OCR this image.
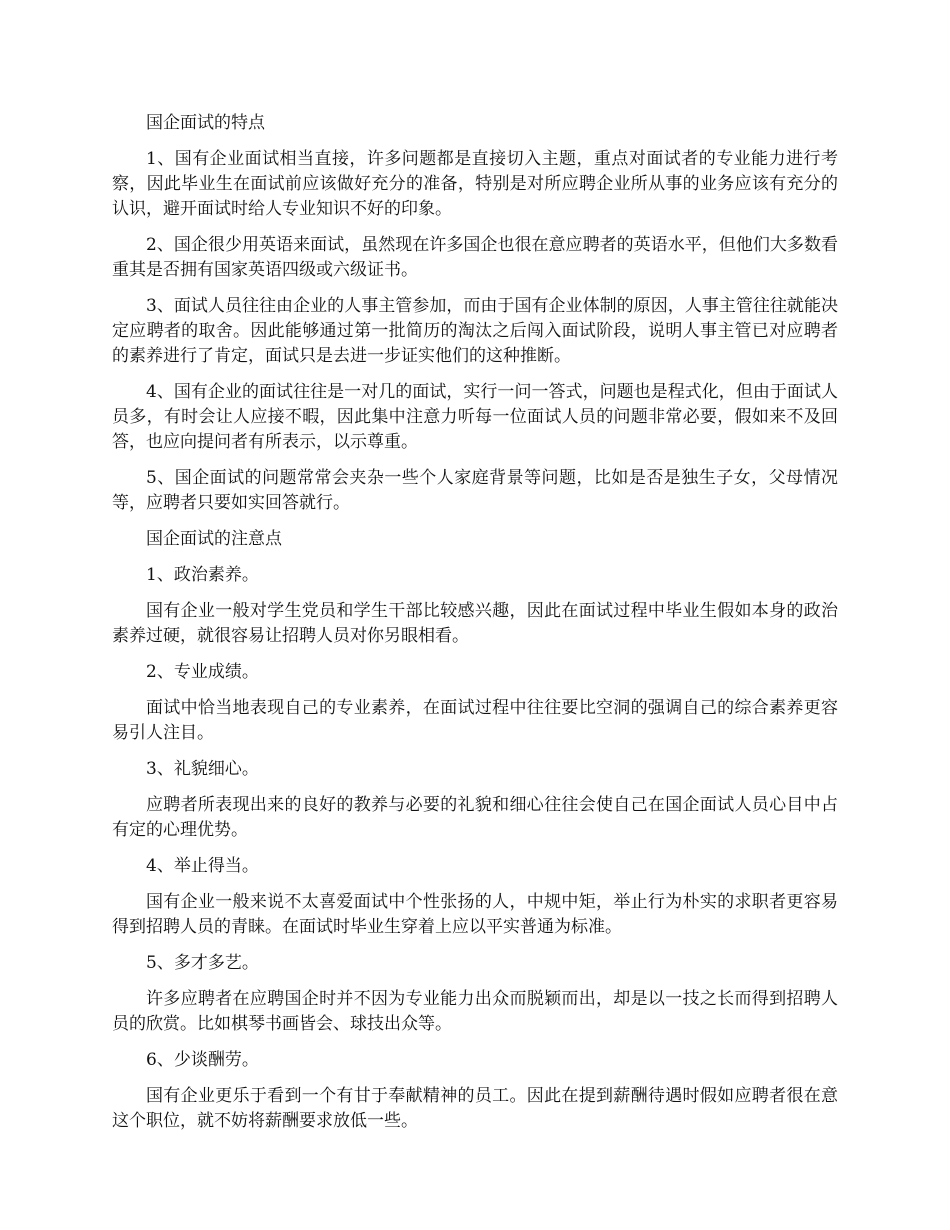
国企面试的特点

1、国有企业面试相当直接，许多问题都是直接切入主题，重点对面试者的专业能力进行考察，因此毕业生在面试前应该做好充分的准备，特别是对所应聘企业所从事的业务应该有充分的认识，避开面试时给人专业知识不好的印象。

2、国企很少用英语来面试，虽然现在许多国企也很在意应聘者的英语水平，但他们大多数看重其是否拥有国家英语四级或六级证书。

3、面试人员往往由企业的人事主管参加，而由于国有企业体制的原因，人事主管往往就能决定应聘者的取舍。因此能够通过第一批简历的淘汰之后闯入面试阶段，说明人事主管已对应聘者的素养进行了肯定，面试只是去进一步证实他们的这种推断。

4、国有企业的面试往往是一对几的面试，实行一问一答式，问题也是程式化，但由于面试人员多，有时会让人应接不暇，因此集中注意力听每一位面试人员的问题非常必要，假如来不及回答，也应向提问者有所表示，以示尊重。

5、国企面试的问题常常会夹杂一些个人家庭背景等问题，比如是否是独生子女，父母情况等，应聘者只要如实回答就行。

国企面试的注意点

1、政治素养。

国有企业一般对学生党员和学生干部比较感兴趣，因此在面试过程中毕业生假如本身的政治素养过硬，就很容易让招聘人员对你另眼相看。

2、专业成绩。

面试中恰当地表现自己的专业素养，在面试过程中往往要比空洞的强调自己的综合素养更容易引人注目。

3、礼貌细心。

应聘者所表现出来的良好的教养与必要的礼貌和细心往往会使自己在国企面试人员心目中占有定的心理优势。

4、举止得当。

国有企业一般来说不太喜爱面试中个性张扬的人，中规中矩，举止行为朴实的求职者更容易得到招聘人员的青睐。在面试时毕业生穿着上应以平实普通为标准。

5、多才多艺。

许多应聘者在应聘国企时并不因为专业能力出众而脱颖而出，却是以一技之长而得到招聘人员的欣赏。比如棋琴书画皆会、球技出众等。

6、少谈酬劳。

国有企业更乐于看到一个有甘于奉献精神的员工。因此在提到薪酬待遇时假如应聘者很在意这个职位，就不妨将薪酬要求放低一些。
